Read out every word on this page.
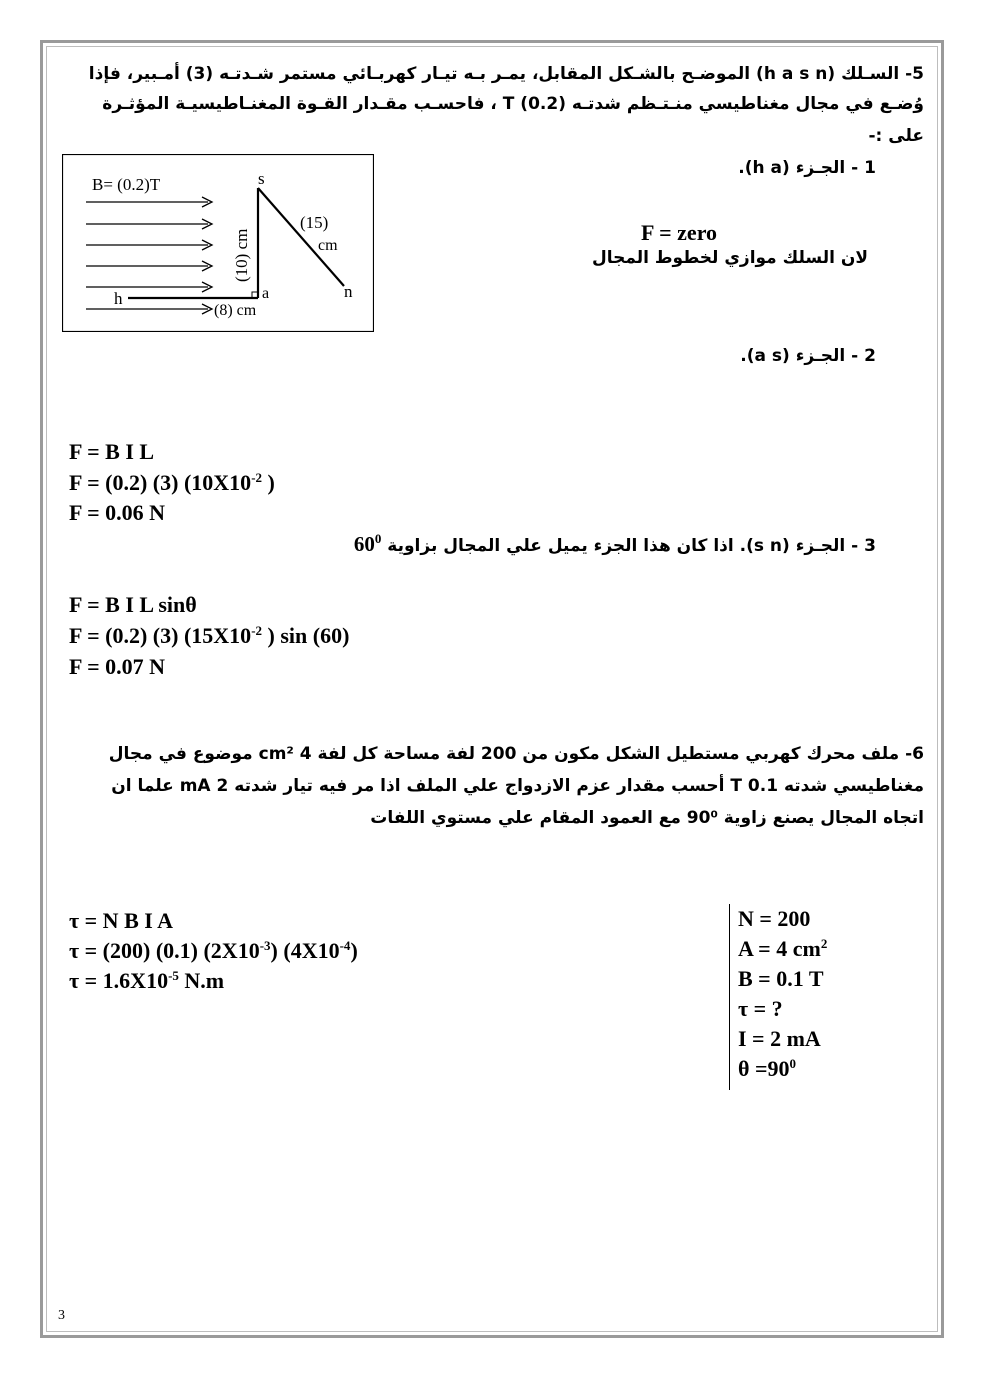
5- السـلك (h a s n) الموضـح بالشـكل المقابل، يمـر بـه تيـار كهربـائي مستمر شـدتـه (3) أمـبير، فإذا
وُضـع في مجال مغناطيسي منـتـظم شدتـه T (0.2) ، فاحسـب مقـدار القـوة المغنـاطيسيـة المؤثـرة
على :-
1 - الجـزء (h a).
F = zero
لان السلك موازي لخطوط المجال
B= (0.2)T	s
h	a	n
(10) cm
(15)
cm
(8) cm
2 - الجـزء (a s).
F = B I L
F = (0.2) (3) ($10X10^{-2}$ )
F = 0.06 N
3 - الجـزء (s n). اذا كان هذا الجزء يميل علي المجال بزاوية $60^0$
F = B I L sinθ
F = (0.2) (3) ($15X10^{-2}$ ) sin (60)
F = 0.07 N
6- ملف محرك كهربي مستطيل الشكل مكون من 200 لفة مساحة كل لفة 4 cm² موضوع في مجال
مغناطيسي شدته 0.1 T أحسب مقدار عزم الازدواج علي الملف اذا مر فيه تيار شدته 2 mA علما ان
اتجاه المجال يصنع زاوية 90⁰ مع العمود المقام علي مستوي اللفات
τ = N B I A
τ = (200) (0.1) $(2X10^{-3})$ $(4X10^{-4})$
$\tau = 1.6X10^{-5}$ N.m
N = 200
A = 4 $cm^2$
B = 0.1 T
τ = ?
I = 2 mA
$\theta =90^0$
3
